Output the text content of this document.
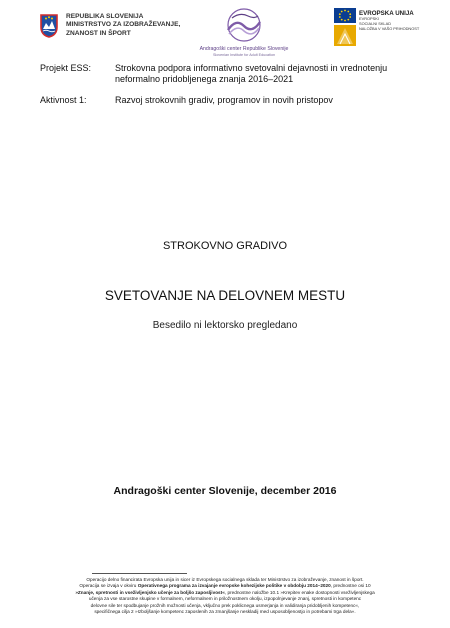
REPUBLIKA SLOVENIJA
MINISTRSTVO ZA IZOBRAŽEVANJE,
ZNANOST IN ŠPORT
Andragoški center Republike Slovenije
Slovenian Institute for Adult Education
EVROPSKA UNIJA
EVROPSKI
SOCIALNI SKLAD
NALOŽBA V VAŠO PRIHODNOST
Projekt ESS:	Strokovna podpora informativno svetovalni dejavnosti in vrednotenju neformalno pridobljenega znanja 2016–2021
Aktivnost 1:	Razvoj strokovnih gradiv, programov in novih pristopov
STROKOVNO GRADIVO
SVETOVANJE NA DELOVNEM MESTU
Besedilo ni lektorsko pregledano
Andragoški center Slovenije, december 2016
Operacijo delno financirata Evropska unija in sicer iz Evropskega socialnega sklada ter Ministrstvo za izobraževanje, znanost in šport.
Operacija se izvaja v okviru Operativnega programa za izvajanje evropske kohezijske politike v obdobju 2014–2020, prednostne osi 10
»Znanje, spretnosti in vseživljenjsko učenje za boljšo zaposljivost«, prednostne naložbe 10.1 »Krepitev enake dostopnosti vseživljenjskega
učenja za vse starostne skupine v formalnem, neformalnem in priložnostnem okolju, izpopolnjevanje znanj, spretnosti in kompetenc
delovne sile ter spodbujanje prožnih možnosti učenja, vključno prek poklicnega usmerjanja in validiranja pridobljenih kompetenc«,
specifičnega cilja 2 »Izboljšanje kompetenc zaposlenih za zmanjšanje neskladij med usposobljenostjo in potrebami trga dela«.
